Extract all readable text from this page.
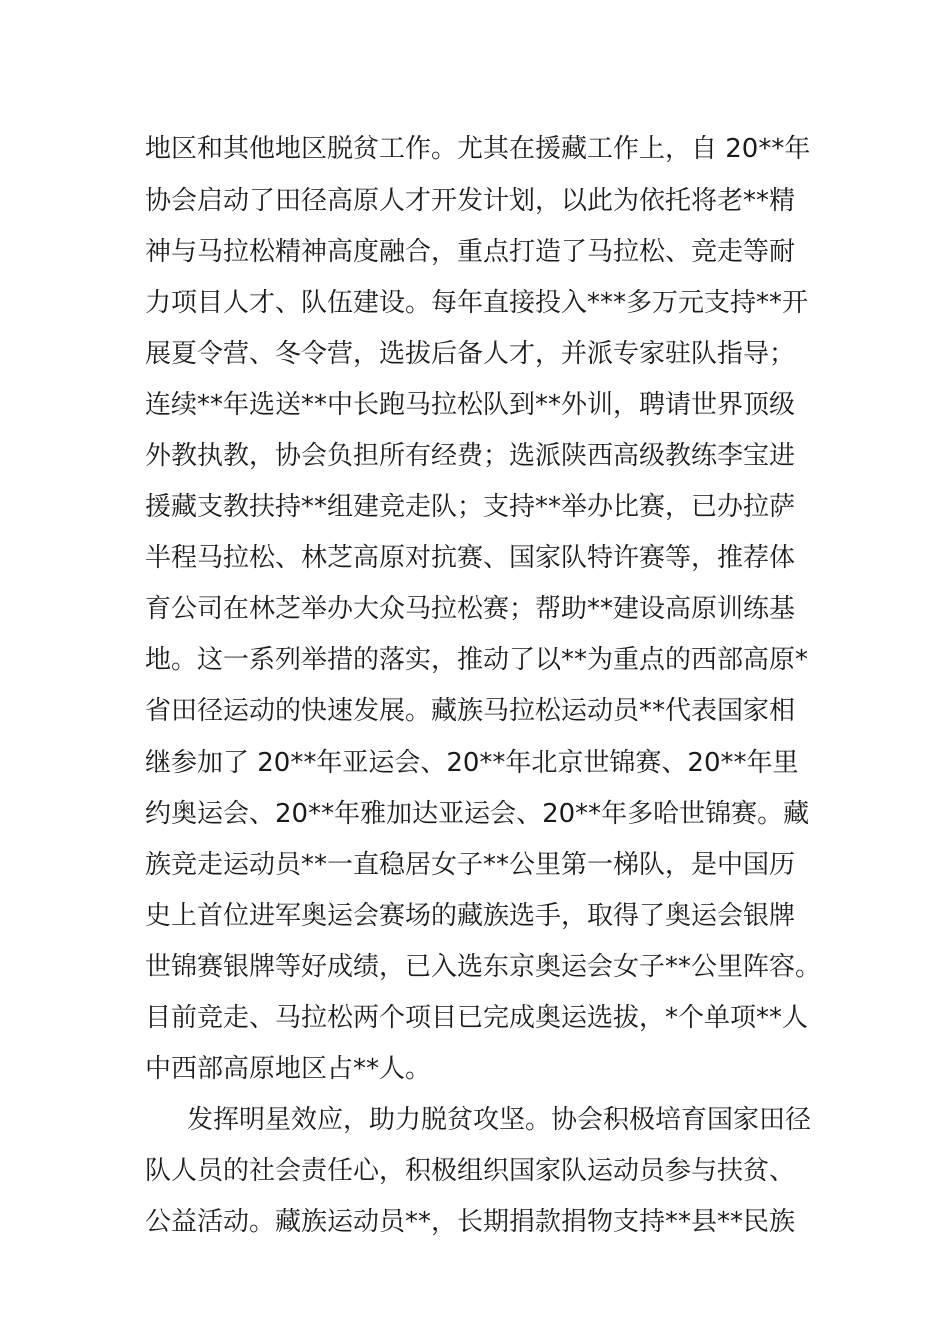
地区和其他地区脱贫工作。尤其在援藏工作上，自 20**年
协会启动了田径高原人才开发计划，以此为依托将老**精
神与马拉松精神高度融合，重点打造了马拉松、竞走等耐
力项目人才、队伍建设。每年直接投入***多万元支持**开
展夏令营、冬令营，选拔后备人才，并派专家驻队指导；
连续**年选送**中长跑马拉松队到**外训，聘请世界顶级
外教执教，协会负担所有经费；选派陕西高级教练李宝进
援藏支教扶持**组建竞走队；支持**举办比赛，已办拉萨
半程马拉松、林芝高原对抗赛、国家队特许赛等，推荐体
育公司在林芝举办大众马拉松赛；帮助**建设高原训练基
地。这一系列举措的落实，推动了以**为重点的西部高原*
省田径运动的快速发展。藏族马拉松运动员**代表国家相
继参加了 20**年亚运会、20**年北京世锦赛、20**年里
约奥运会、20**年雅加达亚运会、20**年多哈世锦赛。藏
族竞走运动员**一直稳居女子**公里第一梯队，是中国历
史上首位进军奥运会赛场的藏族选手，取得了奥运会银牌
世锦赛银牌等好成绩，已入选东京奥运会女子**公里阵容。
目前竞走、马拉松两个项目已完成奥运选拔，*个单项**人
中西部高原地区占**人。
发挥明星效应，助力脱贫攻坚。协会积极培育国家田径
队人员的社会责任心，积极组织国家队运动员参与扶贫、
公益活动。藏族运动员**，长期捐款捐物支持**县**民族
